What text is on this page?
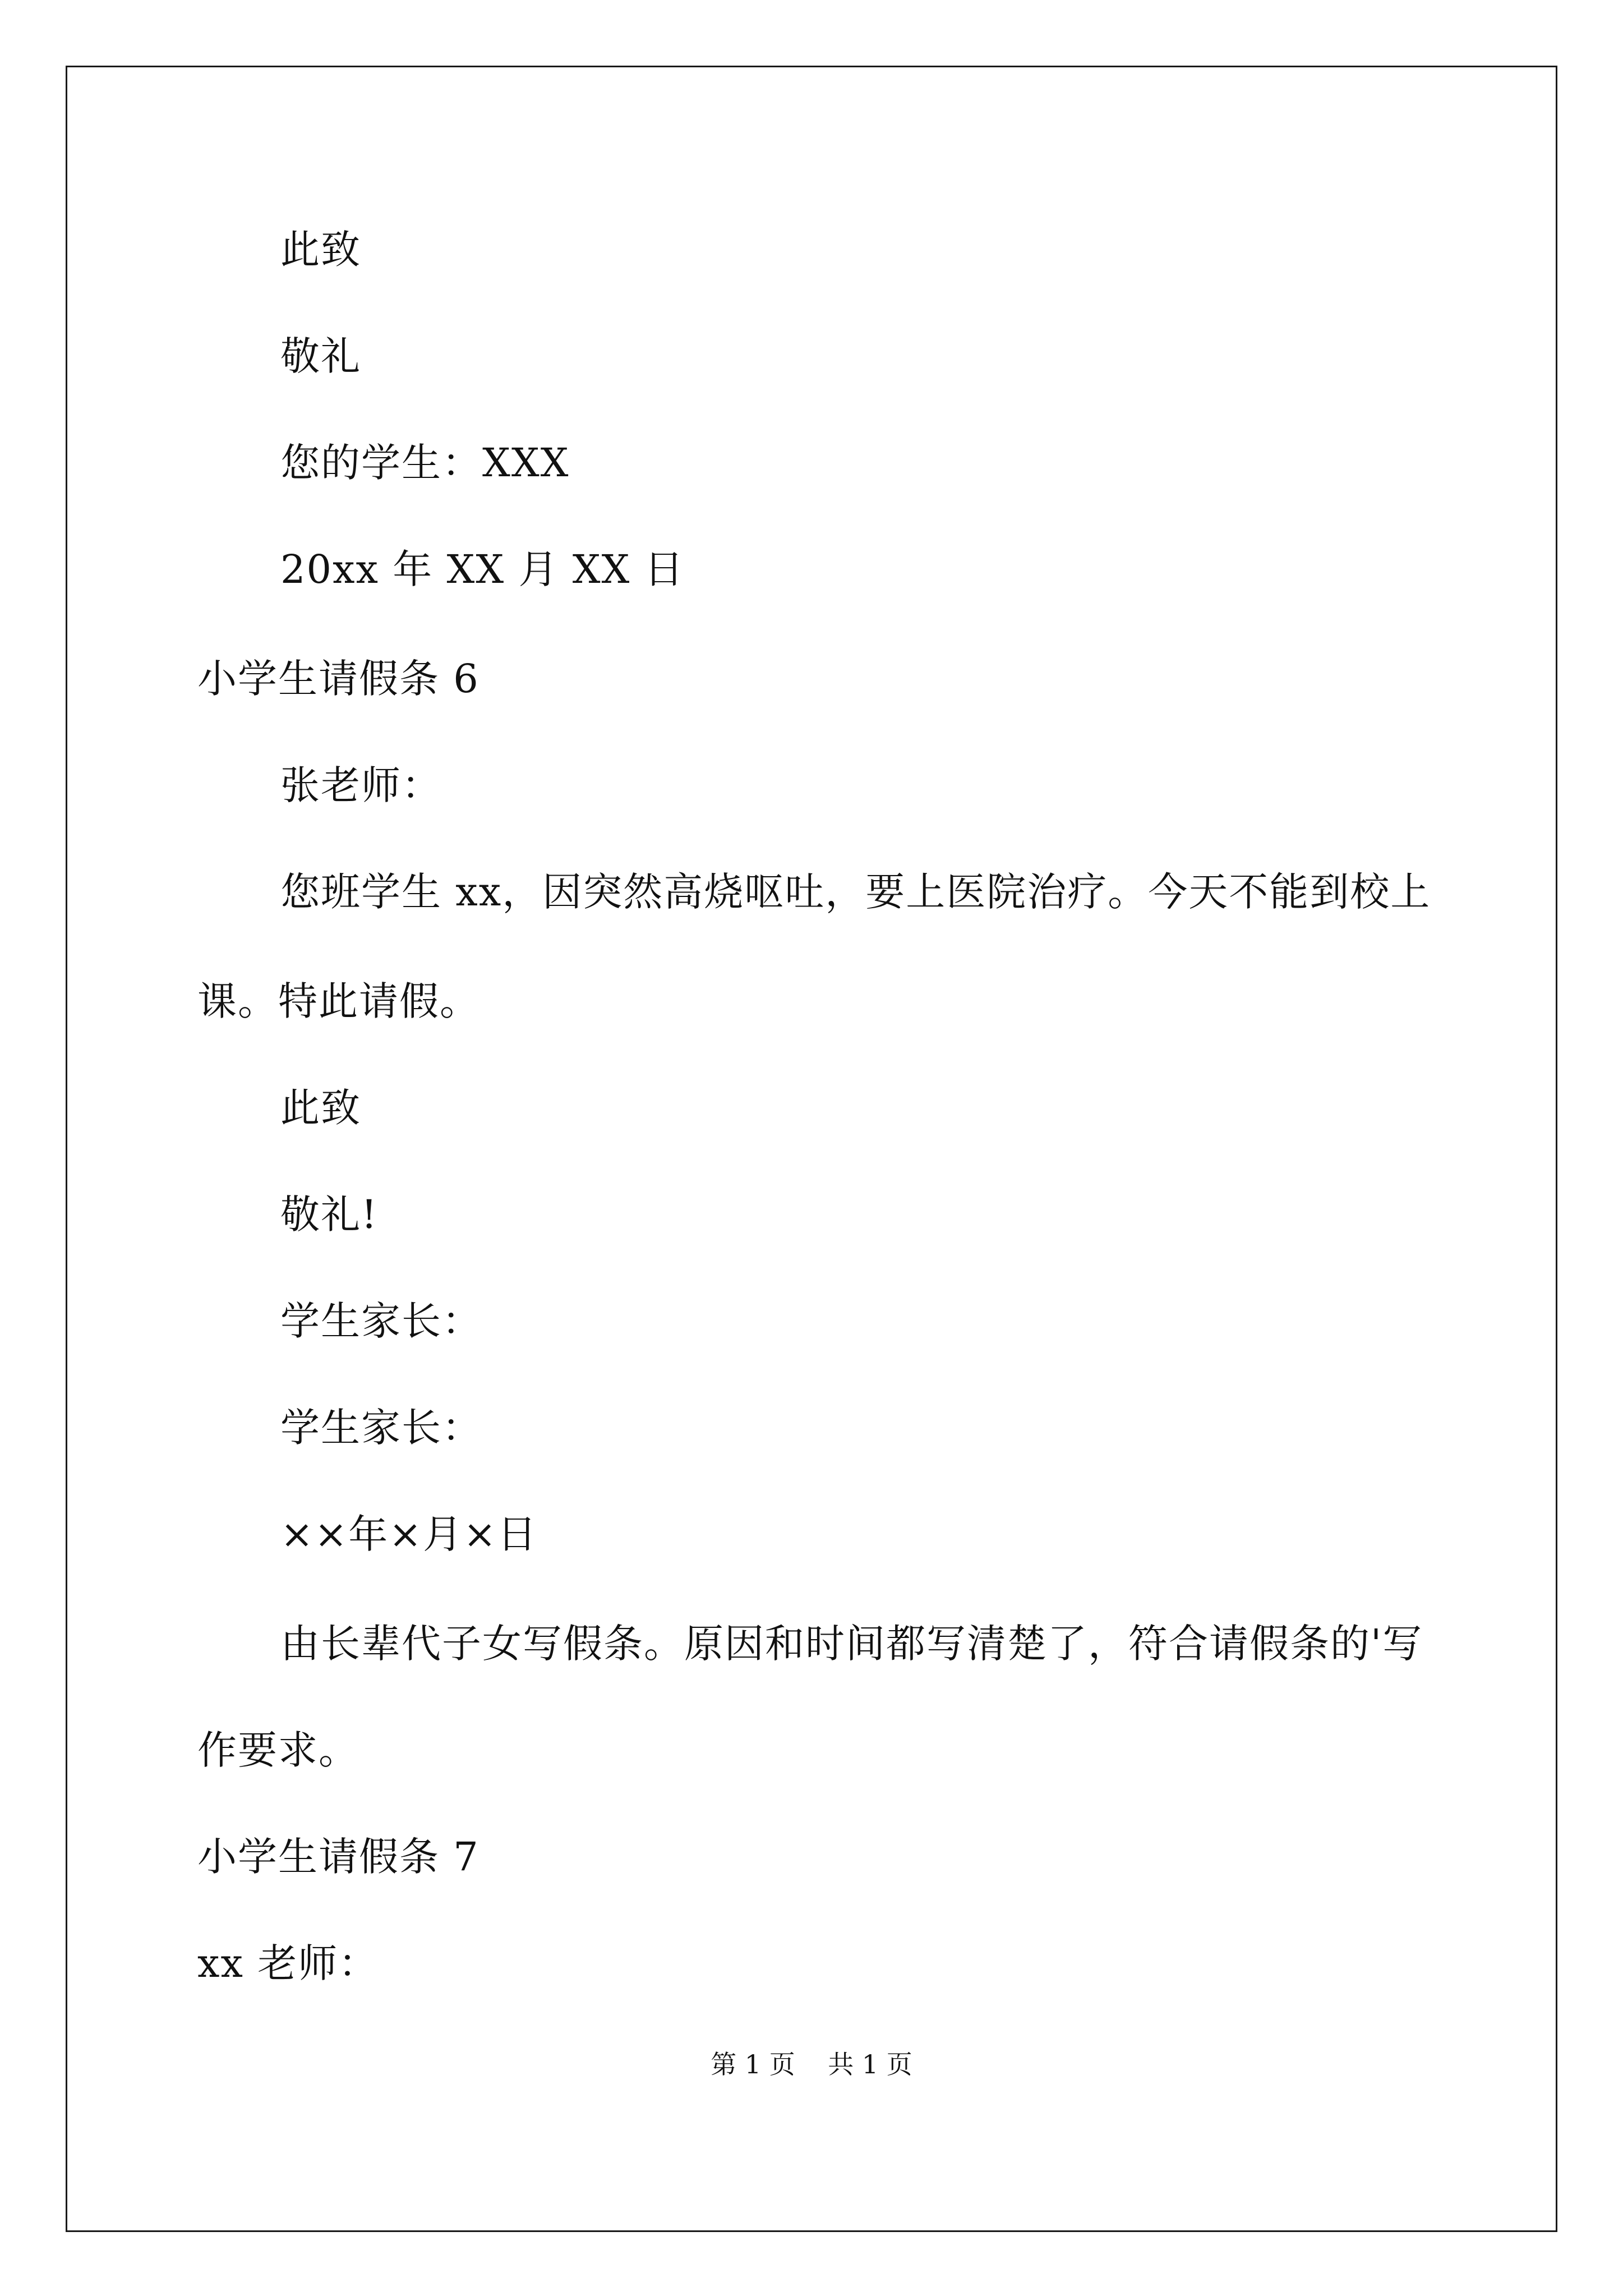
此致
敬礼
您的学生：XXX
20xx 年 XX 月 XX 日
小学生请假条 6
张老师：
您班学生 xx，因突然高烧呕吐，要上医院治疗。今天不能到校上
课。特此请假。
此致
敬礼!
学生家长：
学生家长：
××年×月×日
由长辈代子女写假条。原因和时间都写清楚了，符合请假条的'写
作要求。
小学生请假条 7
xx 老师：
第 1 页    共 1 页
